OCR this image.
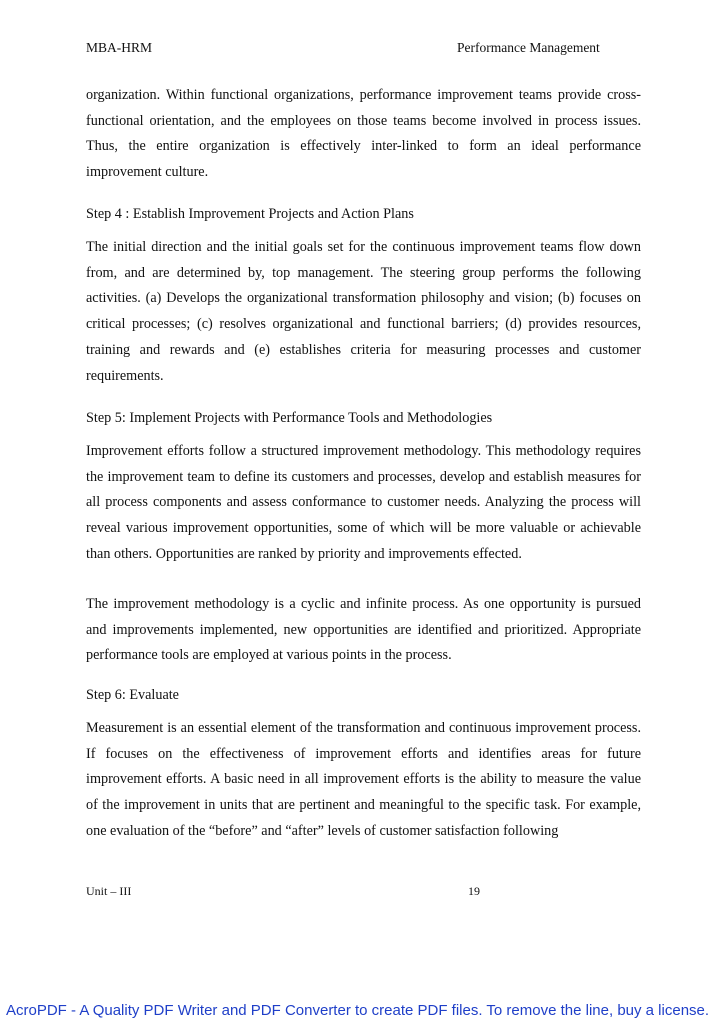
MBA-HRM	Performance Management
organization. Within functional organizations, performance improvement teams provide cross-functional orientation, and the employees on those teams become involved in process issues. Thus, the entire organization is effectively inter-linked to form an ideal performance improvement culture.
Step 4 : Establish Improvement Projects and Action Plans
The initial direction and the initial goals set for the continuous improvement teams flow down from, and are determined by, top management. The steering group performs the following activities. (a) Develops the organizational transformation philosophy and vision; (b) focuses on critical processes; (c) resolves organizational and functional barriers; (d) provides resources, training and rewards and (e) establishes criteria for measuring processes and customer requirements.
Step 5: Implement Projects with Performance Tools and Methodologies
Improvement efforts follow a structured improvement methodology. This methodology requires the improvement team to define its customers and processes, develop and establish measures for all process components and assess conformance to customer needs. Analyzing the process will reveal various improvement opportunities, some of which will be more valuable or achievable than others. Opportunities are ranked by priority and improvements effected.
The improvement methodology is a cyclic and infinite process. As one opportunity is pursued and improvements implemented, new opportunities are identified and prioritized. Appropriate performance tools are employed at various points in the process.
Step 6: Evaluate
Measurement is an essential element of the transformation and continuous improvement process. If focuses on the effectiveness of improvement efforts and identifies areas for future improvement efforts. A basic need in all improvement efforts is the ability to measure the value of the improvement in units that are pertinent and meaningful to the specific task. For example, one evaluation of the “before” and “after” levels of customer satisfaction following
Unit – III	19
AcroPDF - A Quality PDF Writer and PDF Converter to create PDF files. To remove the line, buy a license.
